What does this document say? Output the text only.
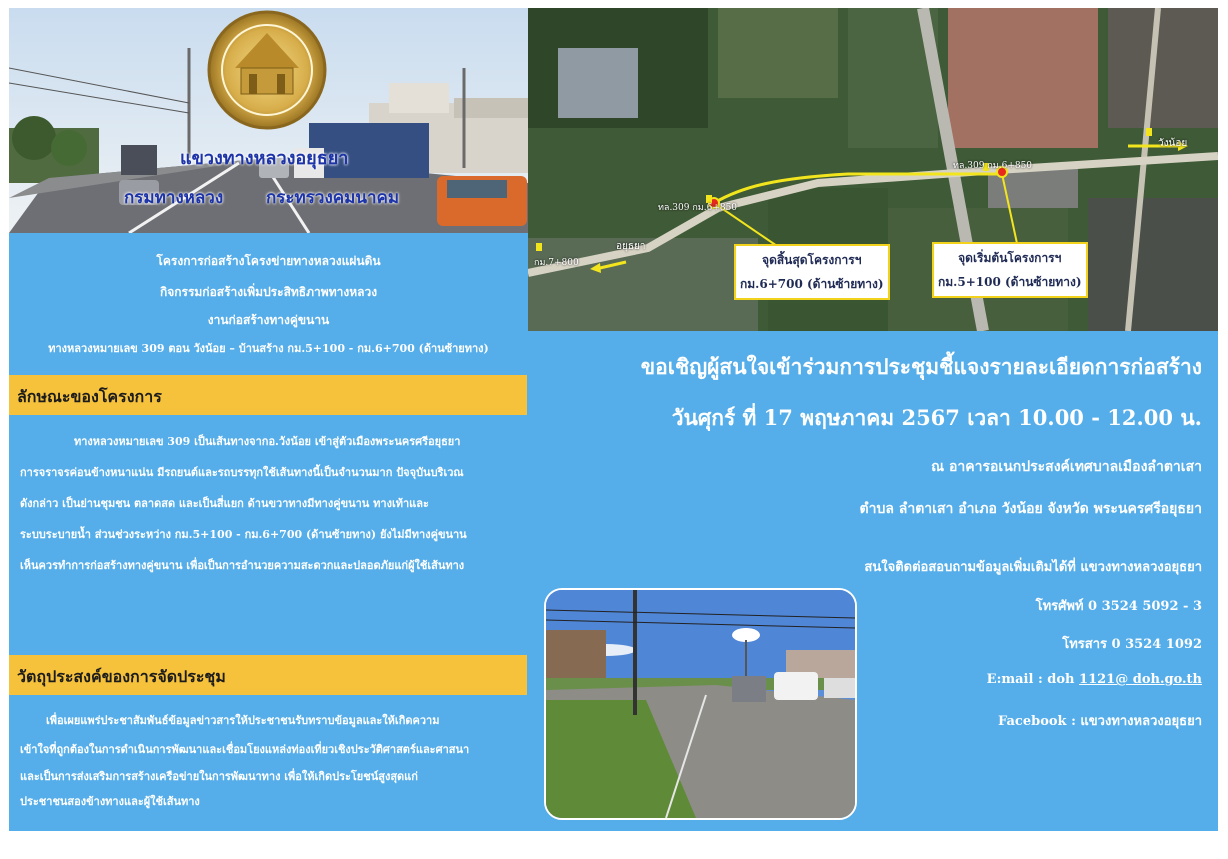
แขวงทางหลวงอยุธยา
กรมทางหลวง	กระทรวงคมนาคม	ทล.309 กม.6+850
ทล.309 กม.6+850
กม.7+800
อยุธยา
วังน้อย
จุดสิ้นสุดโครงการฯ
กม.6+700 (ด้านซ้ายทาง)
จุดเริ่มต้นโครงการฯ
กม.5+100 (ด้านซ้ายทาง)
โครงการก่อสร้างโครงข่ายทางหลวงแผ่นดิน
กิจกรรมก่อสร้างเพิ่มประสิทธิภาพทางหลวง
งานก่อสร้างทางคู่ขนาน
ทางหลวงหมายเลข 309 ตอน วังน้อย – บ้านสร้าง กม.5+100 - กม.6+700 (ด้านซ้ายทาง)
ลักษณะของโครงการ
ทางหลวงหมายเลข 309 เป็นเส้นทางจากอ.วังน้อย เข้าสู่ตัวเมืองพระนครศรีอยุธยา
การจราจรค่อนข้างหนาแน่น มีรถยนต์และรถบรรทุกใช้เส้นทางนี้เป็นจำนวนมาก ปัจจุบันบริเวณ
ดังกล่าว เป็นย่านชุมชน ตลาดสด และเป็นสี่แยก ด้านขวาทางมีทางคู่ขนาน ทางเท้าและ
ระบบระบายน้ำ ส่วนช่วงระหว่าง กม.5+100 - กม.6+700 (ด้านซ้ายทาง) ยังไม่มีทางคู่ขนาน
เห็นควรทำการก่อสร้างทางคู่ขนาน เพื่อเป็นการอำนวยความสะดวกและปลอดภัยแก่ผู้ใช้เส้นทาง
วัตถุประสงค์ของการจัดประชุม
เพื่อเผยแพร่ประชาสัมพันธ์ข้อมูลข่าวสารให้ประชาชนรับทราบข้อมูลและให้เกิดความ
เข้าใจที่ถูกต้องในการดำเนินการพัฒนาและเชื่อมโยงแหล่งท่องเที่ยวเชิงประวัติศาสตร์และศาสนา
และเป็นการส่งเสริมการสร้างเครือข่ายในการพัฒนาทาง เพื่อให้เกิดประโยชน์สูงสุดแก่
ประชาชนสองข้างทางและผู้ใช้เส้นทาง
ขอเชิญผู้สนใจเข้าร่วมการประชุมชี้แจงรายละเอียดการก่อสร้าง
วันศุกร์ ที่ 17 พฤษภาคม 2567 เวลา 10.00 - 12.00 น.
ณ อาคารอเนกประสงค์เทศบาลเมืองลำตาเสา
ตำบล ลำตาเสา อำเภอ วังน้อย จังหวัด พระนครศรีอยุธยา
สนใจติดต่อสอบถามข้อมูลเพิ่มเติมได้ที่ แขวงทางหลวงอยุธยา
โทรศัพท์ 0 3524 5092 - 3
โทรสาร 0 3524 1092
E:mail : doh 1121@ doh.go.th
Facebook : แขวงทางหลวงอยุธยา
